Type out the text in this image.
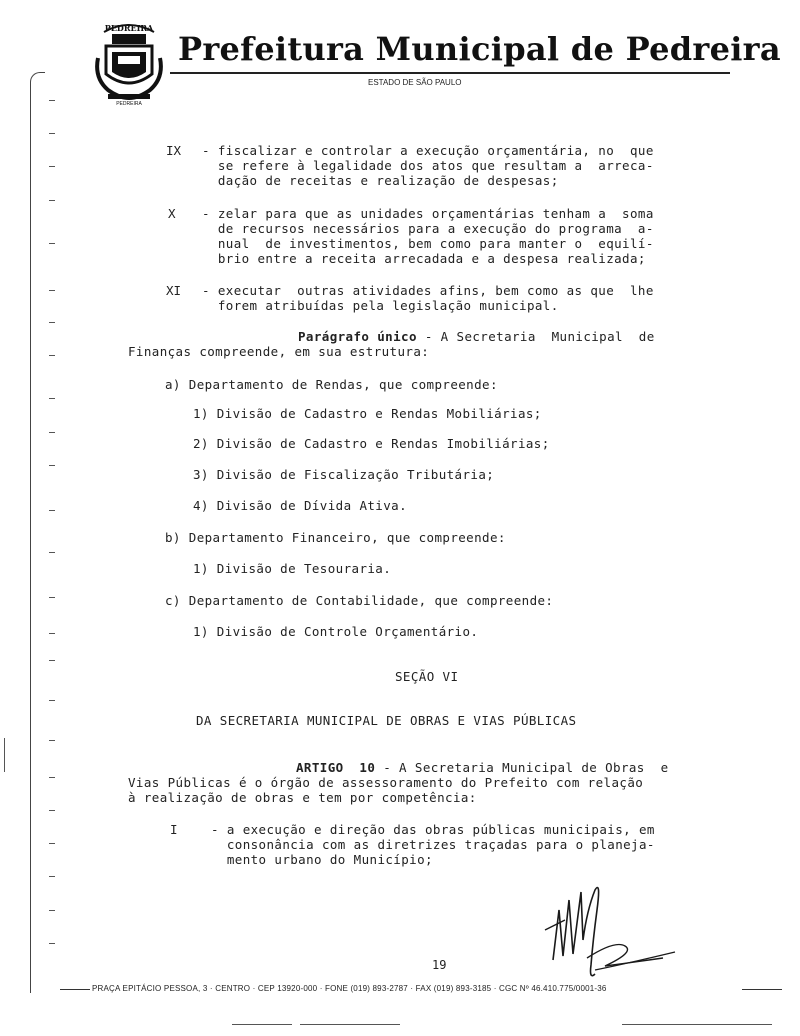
PEDREIRA
PEDREIRA
Prefeitura Municipal de Pedreira
ESTADO DE SÃO PAULO
IX - fiscalizar e controlar a execução orçamentária, no  que
se refere à legalidade dos atos que resultam a  arreca-
dação de receitas e realização de despesas;
X - zelar para que as unidades orçamentárias tenham a  soma
de recursos necessários para a execução do programa  a-
nual  de investimentos, bem como para manter o  equilí-
brio entre a receita arrecadada e a despesa realizada;
XI - executar  outras atividades afins, bem como as que  lhe
forem atribuídas pela legislação municipal.
Parágrafo único - A Secretaria  Municipal  de
Finanças compreende, em sua estrutura:
a) Departamento de Rendas, que compreende:
1) Divisão de Cadastro e Rendas Mobiliárias;
2) Divisão de Cadastro e Rendas Imobiliárias;
3) Divisão de Fiscalização Tributária;
4) Divisão de Dívida Ativa.
b) Departamento Financeiro, que compreende:
1) Divisão de Tesouraria.
c) Departamento de Contabilidade, que compreende:
1) Divisão de Controle Orçamentário.
SEÇÃO VI
DA SECRETARIA MUNICIPAL DE OBRAS E VIAS PÚBLICAS
ARTIGO  10 - A Secretaria Municipal de Obras  e
Vias Públicas é o órgão de assessoramento do Prefeito com relação
à realização de obras e tem por competência:
I	- a execução e direção das obras públicas municipais, em
consonância com as diretrizes traçadas para o planeja-
mento urbano do Município;
19
PRAÇA EPITÁCIO PESSOA, 3 · CENTRO · CEP 13920-000 · FONE (019) 893-2787 · FAX (019) 893-3185 · CGC Nº 46.410.775/0001-36
